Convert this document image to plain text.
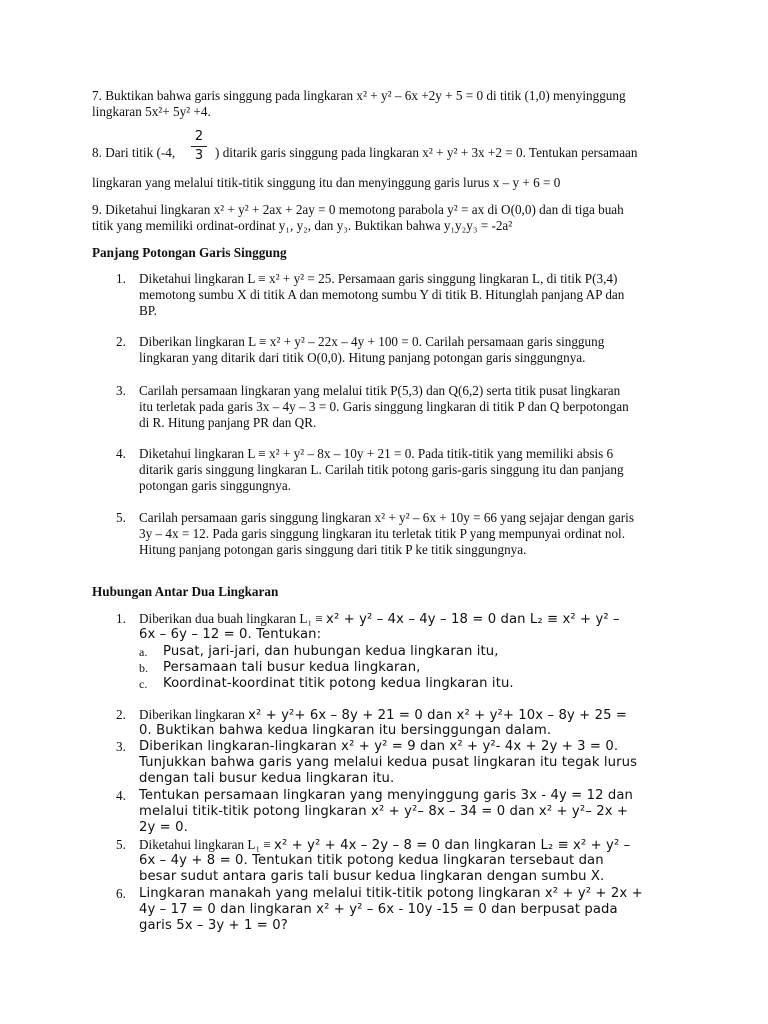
7. Buktikan bahwa garis singgung pada lingkaran x² + y² – 6x +2y + 5 = 0 di titik (1,0) menyinggung
lingkaran 5x²+ 5y² +4.
8. Dari titik (-4,
2
3 ) ditarik garis singgung pada lingkaran x² + y² + 3x +2 = 0. Tentukan persamaan
lingkaran yang melalui titik-titik singgung itu dan menyinggung garis lurus x – y + 6 = 0
9. Diketahui lingkaran x² + y² + 2ax + 2ay = 0 memotong parabola y² = ax di O(0,0) dan di tiga buah
titik yang memiliki ordinat-ordinat y₁, y₂, dan y₃. Buktikan bahwa y₁y₂y₃ = -2a²
Panjang Potongan Garis Singgung
1. Diketahui lingkaran L ≡ x² + y² = 25. Persamaan garis singgung lingkaran L, di titik P(3,4)
memotong sumbu X di titik A dan memotong sumbu Y di titik B. Hitunglah panjang AP dan
BP.
2. Diberikan lingkaran L ≡ x² + y² – 22x – 4y + 100 = 0. Carilah persamaan garis singgung
lingkaran yang ditarik dari titik O(0,0). Hitung panjang potongan garis singgungnya.
3. Carilah persamaan lingkaran yang melalui titik P(5,3) dan Q(6,2) serta titik pusat lingkaran
itu terletak pada garis 3x – 4y – 3 = 0. Garis singgung lingkaran di titik P dan Q berpotongan
di R. Hitung panjang PR dan QR.
4. Diketahui lingkaran L ≡ x² + y² – 8x – 10y + 21 = 0. Pada titik-titik yang memiliki absis 6
ditarik garis singgung lingkaran L. Carilah titik potong garis-garis singgung itu dan panjang
potongan garis singgungnya.
5. Carilah persamaan garis singgung lingkaran x² + y² – 6x + 10y = 66 yang sejajar dengan garis
3y – 4x = 12. Pada garis singgung lingkaran itu terletak titik P yang mempunyai ordinat nol.
Hitung panjang potongan garis singgung dari titik P ke titik singgungnya.
Hubungan Antar Dua Lingkaran
1. Diberikan dua buah lingkaran L₁ ≡ x² + y² – 4x – 4y – 18 = 0 dan L₂ ≡ x² + y² –
6x – 6y – 12 = 0. Tentukan:
a. Pusat, jari-jari, dan hubungan kedua lingkaran itu,
b. Persamaan tali busur kedua lingkaran,
c. Koordinat-koordinat titik potong kedua lingkaran itu.
2. Diberikan lingkaran x² + y²+ 6x – 8y + 21 = 0 dan x² + y²+ 10x – 8y + 25 =
0. Buktikan bahwa kedua lingkaran itu bersinggungan dalam.
3. Diberikan lingkaran-lingkaran x² + y² = 9 dan x² + y²- 4x + 2y + 3 = 0.
Tunjukkan bahwa garis yang melalui kedua pusat lingkaran itu tegak lurus
dengan tali busur kedua lingkaran itu.
4. Tentukan persamaan lingkaran yang menyinggung garis 3x - 4y = 12 dan
melalui titik-titik potong lingkaran x² + y²– 8x – 34 = 0 dan x² + y²– 2x +
2y = 0.
5. Diketahui lingkaran L₁ ≡ x² + y² + 4x – 2y – 8 = 0 dan lingkaran L₂ ≡ x² + y² –
6x – 4y + 8 = 0. Tentukan titik potong kedua lingkaran tersebaut dan
besar sudut antara garis tali busur kedua lingkaran dengan sumbu X.
6. Lingkaran manakah yang melalui titik-titik potong lingkaran x² + y² + 2x +
4y – 17 = 0 dan lingkaran x² + y² – 6x - 10y -15 = 0 dan berpusat pada
garis 5x – 3y + 1 = 0?
